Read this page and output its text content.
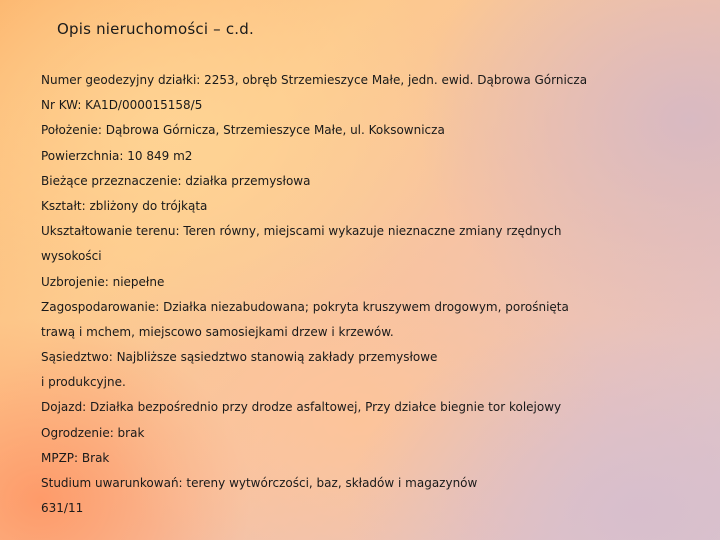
Opis nieruchomości – c.d.
Numer geodezyjny działki: 2253, obręb Strzemieszyce Małe, jedn. ewid. Dąbrowa Górnicza
Nr KW: KA1D/000015158/5
Położenie: Dąbrowa Górnicza, Strzemieszyce Małe, ul. Koksownicza
Powierzchnia: 10 849 m2
Bieżące przeznaczenie: działka przemysłowa
Kształt: zbliżony do trójkąta
Ukształtowanie terenu: Teren równy, miejscami wykazuje nieznaczne zmiany rzędnych
wysokości
Uzbrojenie: niepełne
Zagospodarowanie: Działka niezabudowana; pokryta kruszywem drogowym, porośnięta
trawą i mchem, miejscowo samosiejkami drzew i krzewów.
Sąsiedztwo: Najbliższe sąsiedztwo stanowią zakłady przemysłowe
i produkcyjne.
Dojazd: Działka bezpośrednio przy drodze asfaltowej, Przy działce biegnie tor kolejowy
Ogrodzenie: brak
MPZP: Brak
Studium uwarunkowań: tereny wytwórczości, baz, składów i magazynów
631/11
